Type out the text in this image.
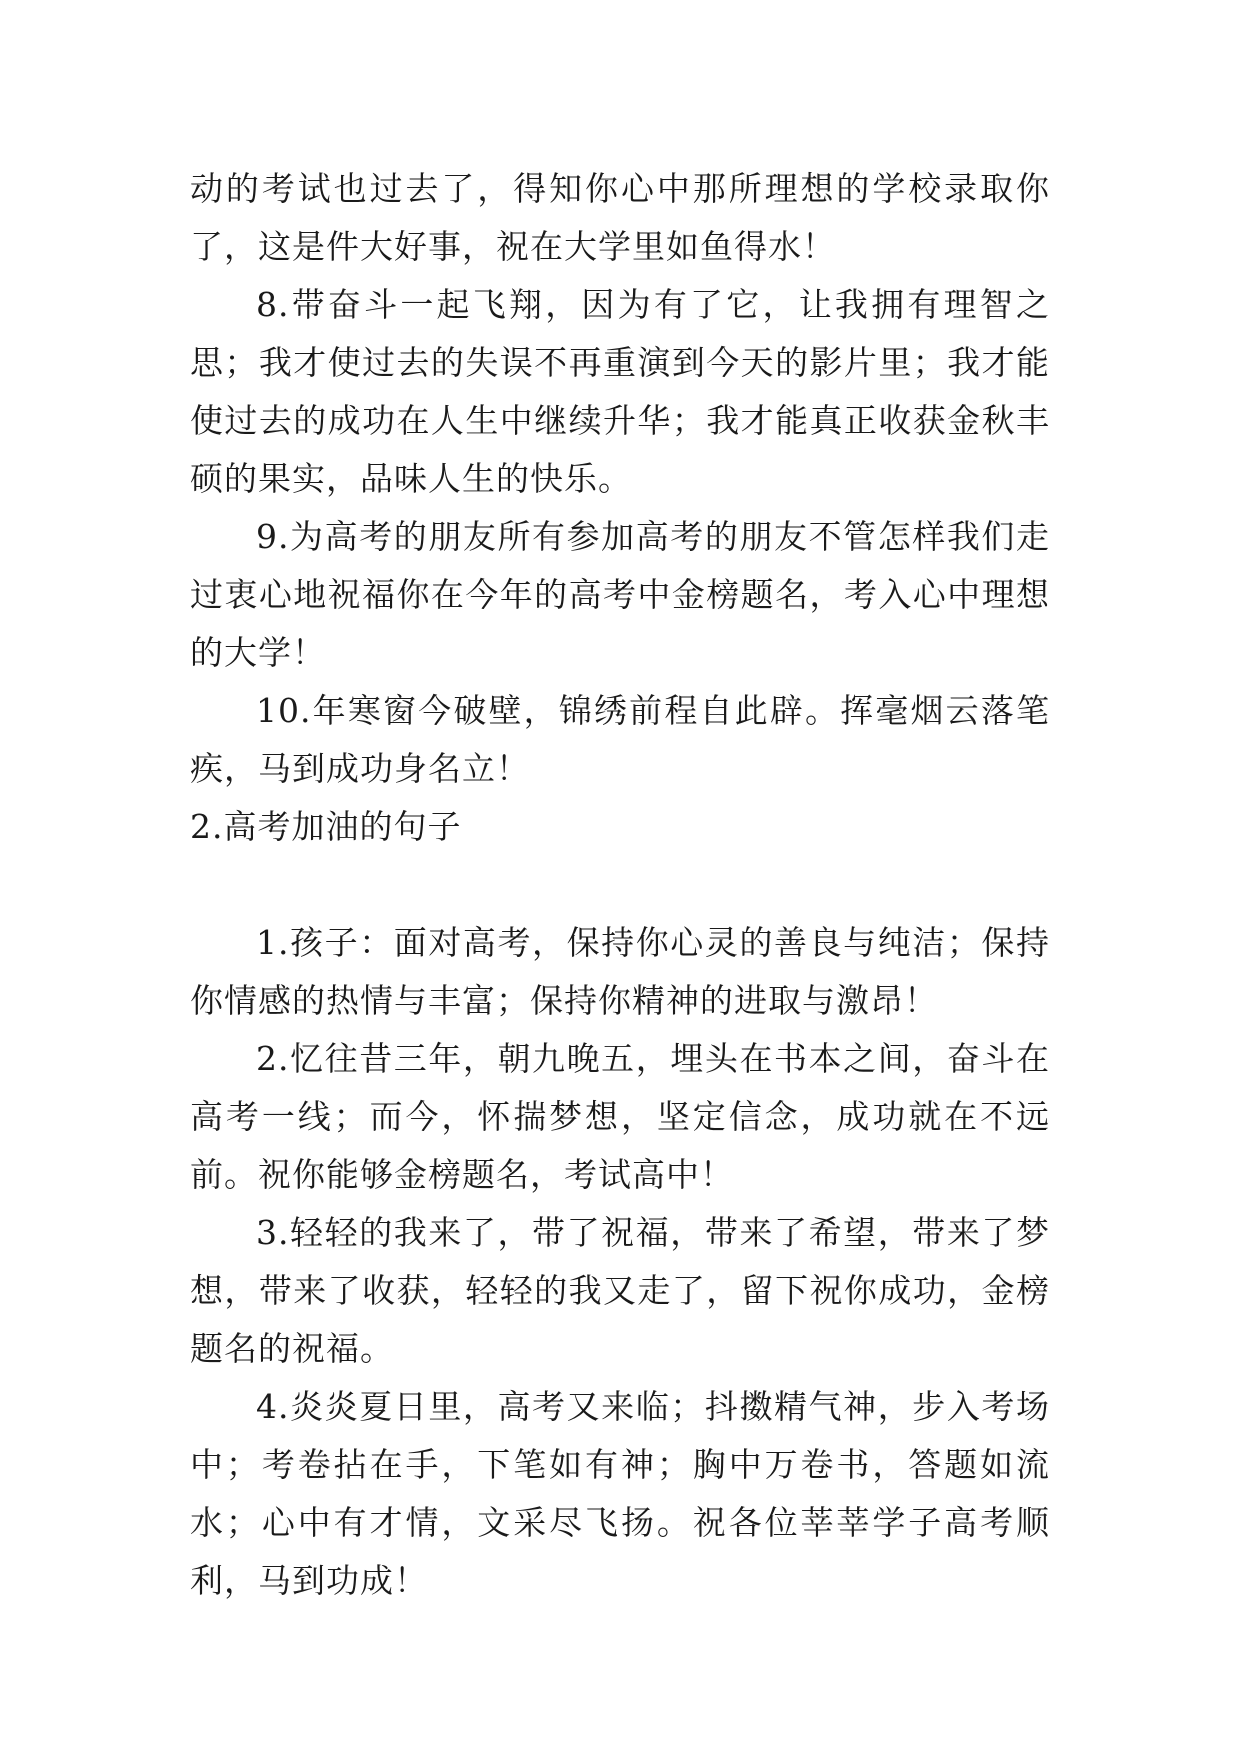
动的考试也过去了，得知你心中那所理想的学校录取你了，这是件大好事，祝在大学里如鱼得水！

8.带奋斗一起飞翔，因为有了它，让我拥有理智之思；我才使过去的失误不再重演到今天的影片里；我才能使过去的成功在人生中继续升华；我才能真正收获金秋丰硕的果实，品味人生的快乐。

9.为高考的朋友所有参加高考的朋友不管怎样我们走过衷心地祝福你在今年的高考中金榜题名，考入心中理想的大学！

10.年寒窗今破壁，锦绣前程自此辟。挥毫烟云落笔疾，马到成功身名立！

2.高考加油的句子

1.孩子：面对高考，保持你心灵的善良与纯洁；保持你情感的热情与丰富；保持你精神的进取与激昂！

2.忆往昔三年，朝九晚五，埋头在书本之间，奋斗在高考一线；而今，怀揣梦想，坚定信念，成功就在不远前。祝你能够金榜题名，考试高中！

3.轻轻的我来了，带了祝福，带来了希望，带来了梦想，带来了收获，轻轻的我又走了，留下祝你成功，金榜题名的祝福。

4.炎炎夏日里，高考又来临；抖擞精气神，步入考场中；考卷拈在手，下笔如有神；胸中万卷书，答题如流水；心中有才情，文采尽飞扬。祝各位莘莘学子高考顺利，马到功成！
